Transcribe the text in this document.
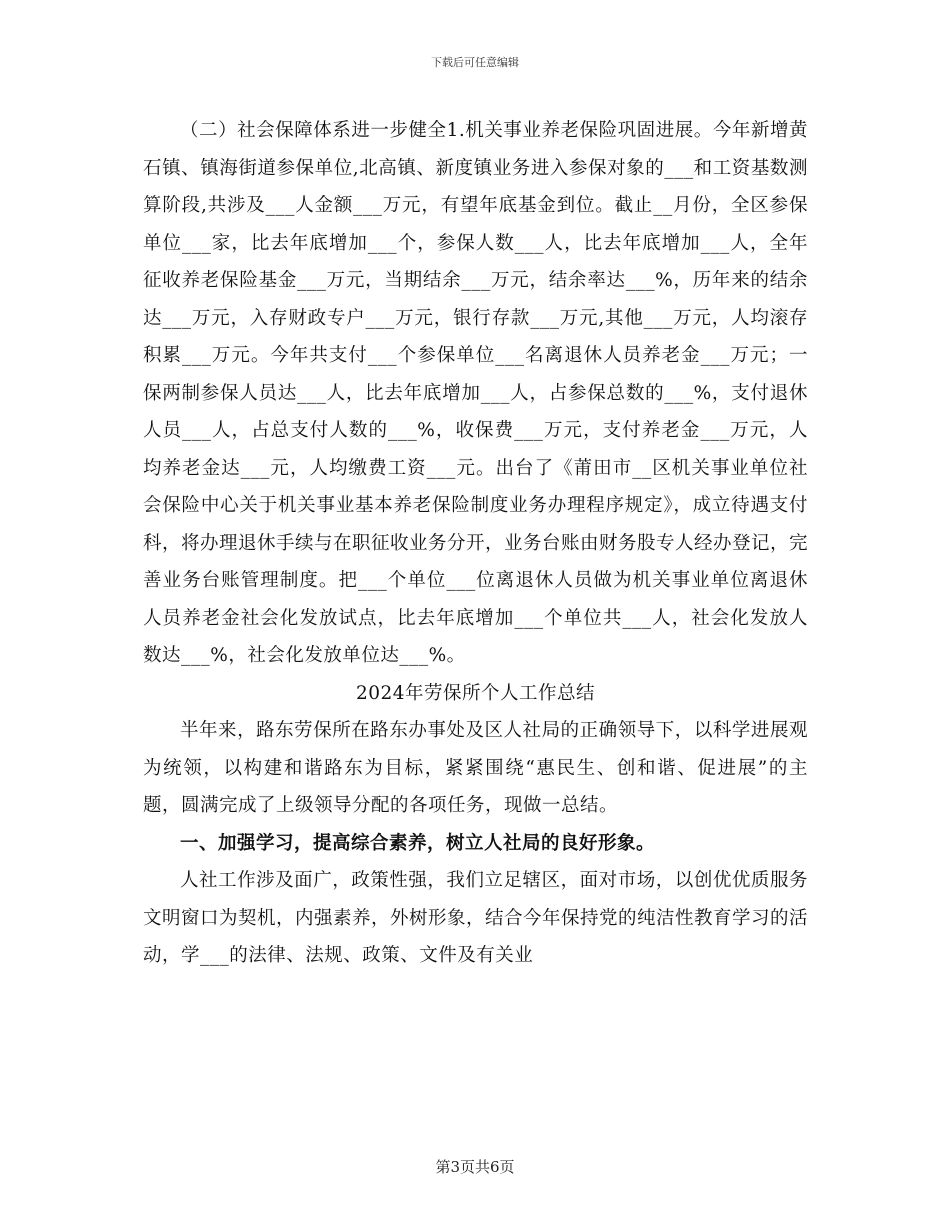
下载后可任意编辑

（二）社会保障体系进一步健全1.机关事业养老保险巩固进展。今年新增黄石镇、镇海街道参保单位,北高镇、新度镇业务进入参保对象的___和工资基数测算阶段,共涉及___人金额___万元，有望年底基金到位。截止__月份，全区参保单位___家，比去年底增加___个，参保人数___人，比去年底增加___人，全年征收养老保险基金___万元，当期结余___万元，结余率达___%，历年来的结余达___万元，入存财政专户___万元，银行存款___万元,其他___万元，人均滚存积累___万元。今年共支付___个参保单位___名离退休人员养老金___万元；一保两制参保人员达___人，比去年底增加___人，占参保总数的___%，支付退休人员___人，占总支付人数的___%，收保费___万元，支付养老金___万元，人均养老金达___元，人均缴费工资___元。出台了《莆田市__区机关事业单位社会保险中心关于机关事业基本养老保险制度业务办理程序规定》，成立待遇支付科，将办理退休手续与在职征收业务分开，业务台账由财务股专人经办登记，完善业务台账管理制度。把___个单位___位离退休人员做为机关事业单位离退休人员养老金社会化发放试点，比去年底增加___个单位共___人，社会化发放人数达___%，社会化发放单位达___%。

2024年劳保所个人工作总结

半年来，路东劳保所在路东办事处及区人社局的正确领导下，以科学进展观为统领，以构建和谐路东为目标，紧紧围绕“惠民生、创和谐、促进展”的主题，圆满完成了上级领导分配的各项任务，现做一总结。

一、加强学习，提高综合素养，树立人社局的良好形象。

人社工作涉及面广，政策性强，我们立足辖区，面对市场，以创优优质服务文明窗口为契机，内强素养，外树形象，结合今年保持党的纯洁性教育学习的活动，学___的法律、法规、政策、文件及有关业

第3页共6页
